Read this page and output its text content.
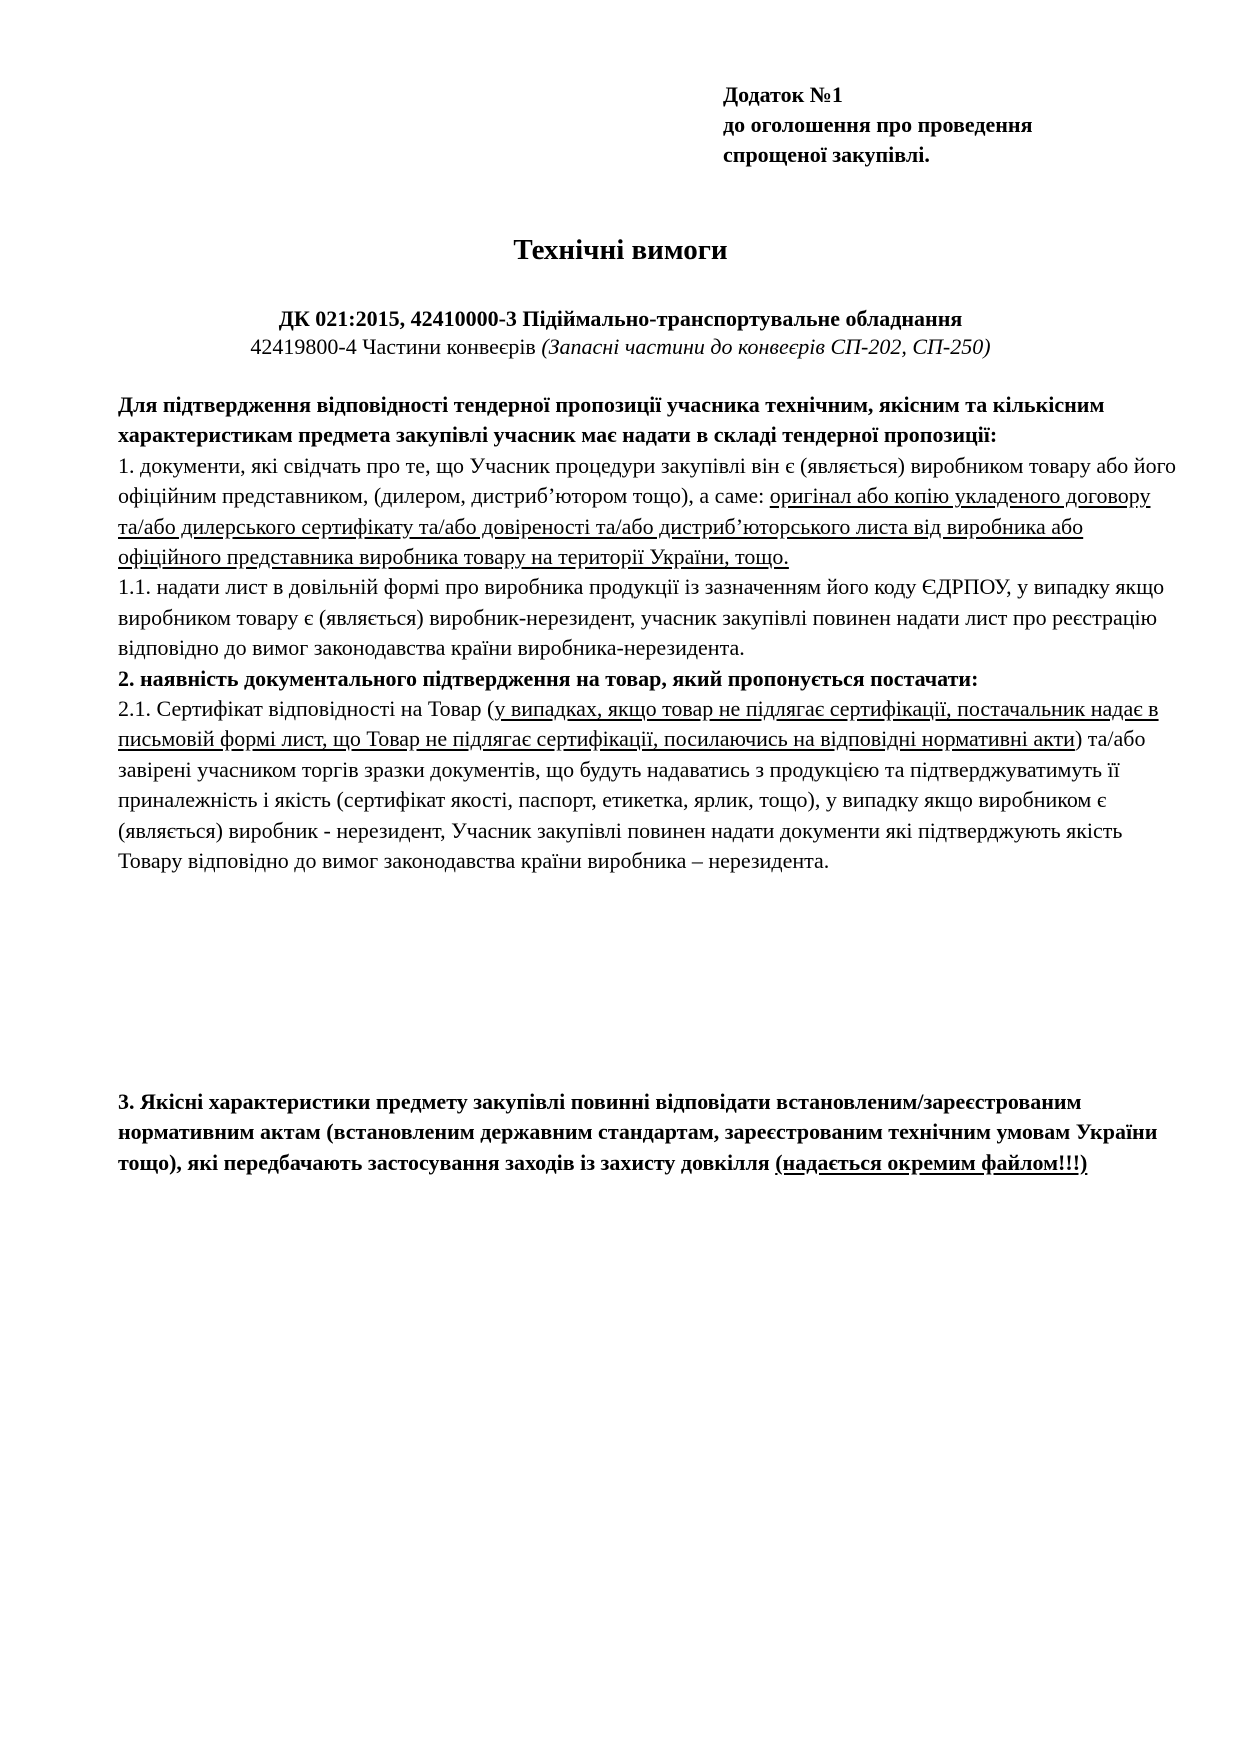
Додаток №1
до оголошення про проведення
спрощеної закупівлі.
Технічні вимоги
ДК 021:2015, 42410000-3 Підіймально-транспортувальне обладнання
42419800-4 Частини конвеєрів (Запасні частини до конвеєрів СП-202, СП-250)

Для підтвердження відповідності тендерної пропозиції учасника технічним, якісним та кількісним характеристикам предмета закупівлі учасник має надати в складі тендерної пропозиції:

1. документи, які свідчать про те, що Учасник процедури закупівлі він є (являється) виробником товару або його офіційним представником, (дилером, дистриб’ютором тощо), а саме: оригінал або копію укладеного договору та/або дилерського сертифікату та/або довіреності та/або дистриб’юторського листа від виробника або офіційного представника виробника товару на території України, тощо.

1.1. надати лист в довільній формі про виробника продукції із зазначенням його коду ЄДРПОУ, у випадку якщо виробником товару є (являється) виробник-нерезидент, учасник закупівлі повинен надати лист про реєстрацію відповідно до вимог законодавства країни виробника-нерезидента.

2. наявність документального підтвердження на товар, який пропонується постачати:

2.1. Сертифікат відповідності на Товар (у випадках, якщо товар не підлягає сертифікації, постачальник надає в письмовій формі лист, що Товар не підлягає сертифікації, посилаючись на відповідні нормативні акти) та/або завірені учасником торгів зразки документів, що будуть надаватись з продукцією та підтверджуватимуть її приналежність і якість (сертифікат якості, паспорт, етикетка, ярлик, тощо), у випадку якщо виробником є (являється) виробник - нерезидент, Учасник закупівлі повинен надати документи які підтверджують якість Товару відповідно до вимог законодавства країни виробника – нерезидента.

3. Якісні характеристики предмету закупівлі повинні відповідати встановленим/зареєстрованим нормативним актам (встановленим державним стандартам, зареєстрованим технічним умовам України тощо), які передбачають застосування заходів із захисту довкілля (надається окремим файлом!!!)
